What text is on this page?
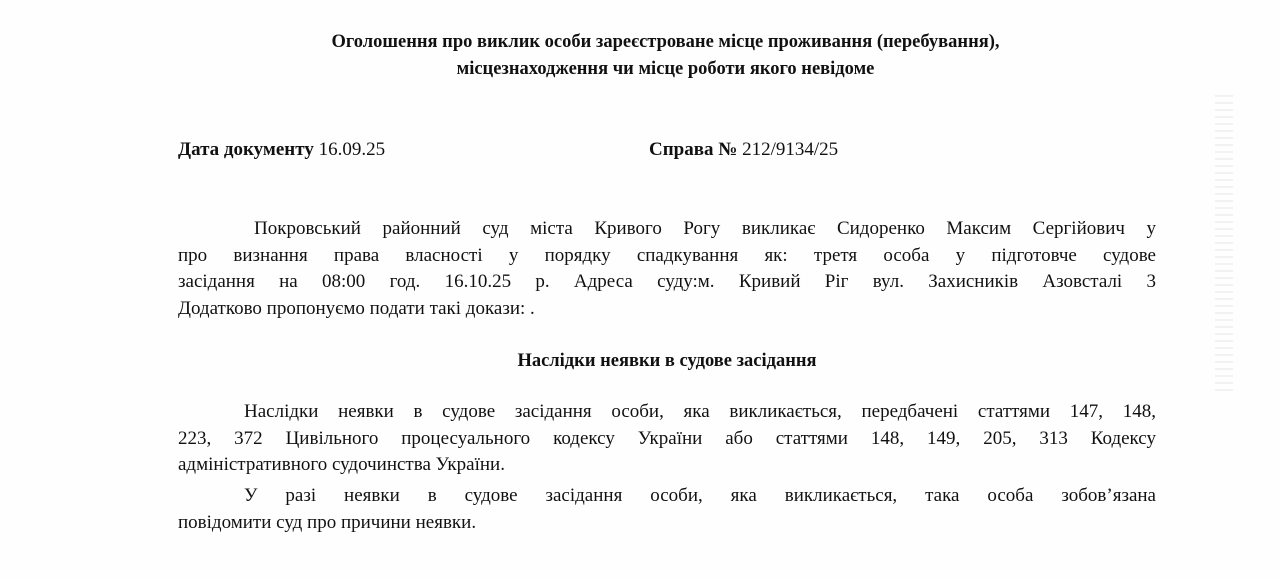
Оголошення про виклик особи зареєстроване місце проживання (перебування),
місцезнаходження чи місце роботи якого невідоме
Дата документу 16.09.25	Справа № 212/9134/25
Покровський районний суд міста Кривого Рогу викликає Сидоренко Максим Сергійович у
про визнання права власності у порядку спадкування як: третя особа у підготовче судове
засідання на 08:00 год. 16.10.25 р. Адреса суду:м. Кривий Ріг вул. Захисників Азовсталі 3
Додатково пропонуємо подати такі докази: .
Наслідки неявки в судове засідання
Наслідки неявки в судове засідання особи, яка викликається, передбачені статтями 147, 148,
223, 372 Цивільного процесуального кодексу України або статтями 148, 149, 205, 313 Кодексу
адміністративного судочинства України.
У разі неявки в судове засідання особи, яка викликається, така особа зобов’язана
повідомити суд про причини неявки.
